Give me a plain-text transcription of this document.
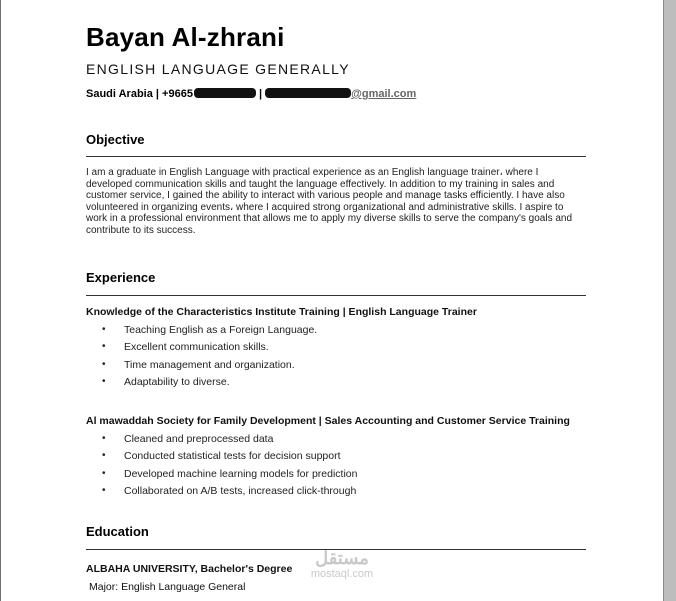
Bayan Al-zhrani
ENGLISH LANGUAGE GENERALLY
Saudi Arabia | +9665	|	@gmail.com
Objective
I am a graduate in English Language with practical experience as an English language trainer، where I developed communication skills and taught the language effectively. In addition to my training in sales and customer service, I gained the ability to interact with various people and manage tasks efficiently. I have also volunteered in organizing events، where I acquired strong organizational and administrative skills. I aspire to work in a professional environment that allows me to apply my diverse skills to serve the company's goals and contribute to its success.
Experience
Knowledge of the Characteristics Institute Training | English Language Trainer
• Teaching English as a Foreign Language.
• Excellent communication skills.
• Time management and organization.
• Adaptability to diverse.
Al mawaddah Society for Family Development | Sales Accounting and Customer Service Training
• Cleaned and preprocessed data
• Conducted statistical tests for decision support
• Developed machine learning models for prediction
• Collaborated on A/B tests, increased click-through
Education
ALBAHA UNIVERSITY, Bachelor's Degree
Major: English Language General
مستقل
mostaql.com
